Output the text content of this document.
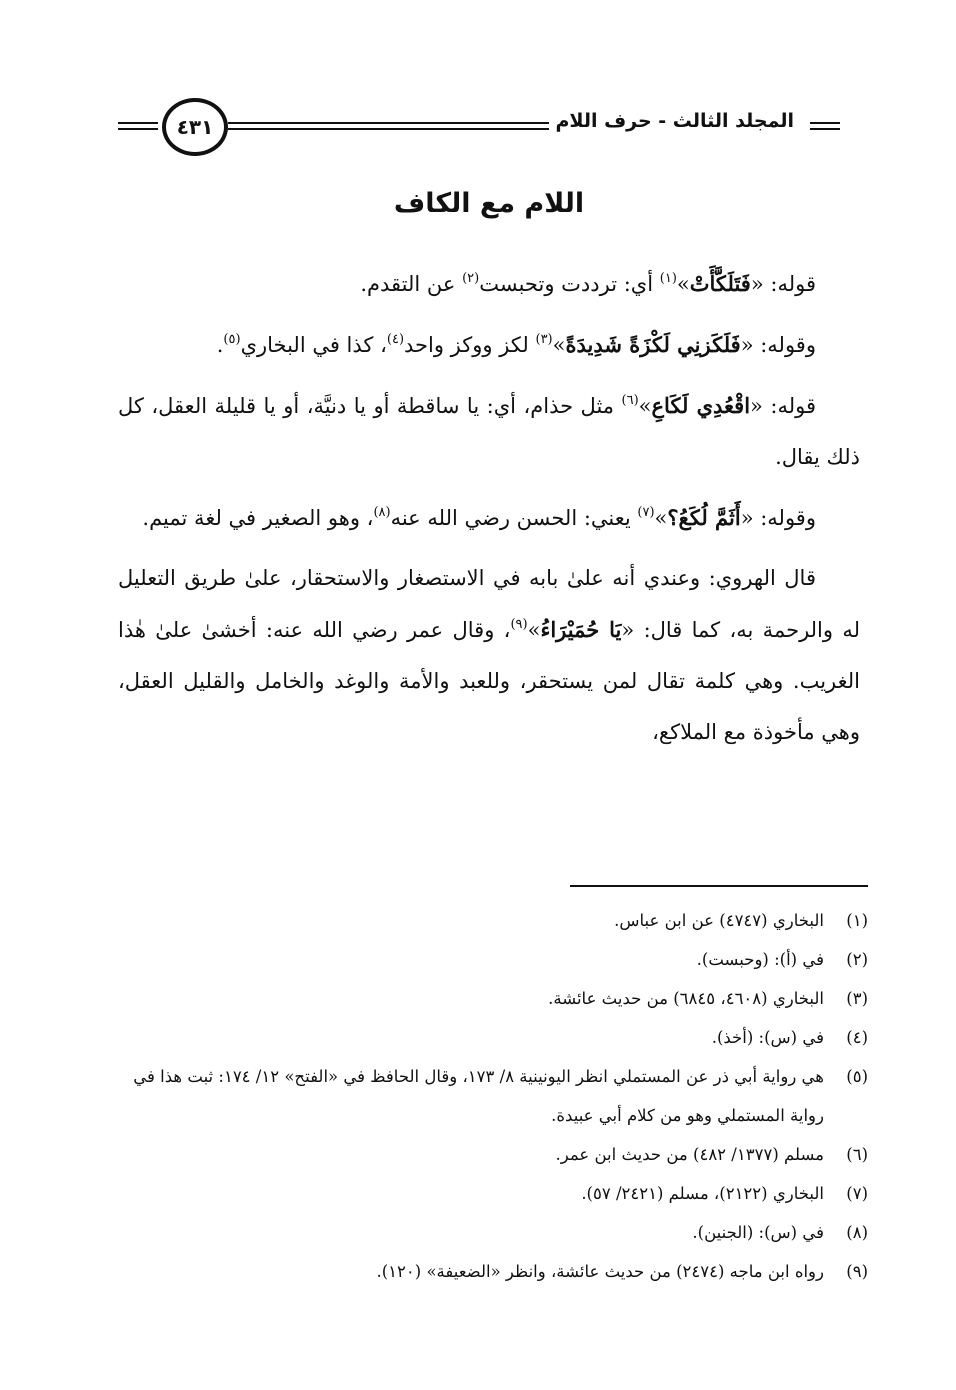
المجلد الثالث - حرف اللام
٤٣١
اللام مع الكاف

قوله: «فَتَلَكَّأَتْ»$^{(١)}$ أي: ترددت وتحبست$^{(٢)}$ عن التقدم.

وقوله: «فَلَكَزنِي لَكْزَةً شَدِيدَةً»$^{(٣)}$ لكز ووكز واحد$^{(٤)}$، كذا في البخاري$^{(٥)}$.

قوله: «اقْعُدِي لَكَاعِ»$^{(٦)}$ مثل حذام، أي: يا ساقطة أو يا دنيَّة، أو يا قليلة العقل، كل ذلك يقال.

وقوله: «أَثَمَّ لُكَعُ؟»$^{(٧)}$ يعني: الحسن رضي الله عنه$^{(٨)}$، وهو الصغير في لغة تميم.

قال الهروي: وعندي أنه علىٰ بابه في الاستصغار والاستحقار، علىٰ طريق التعليل له والرحمة به، كما قال: «يَا حُمَيْرَاءُ»$^{(٩)}$، وقال عمر رضي الله عنه: أخشىٰ علىٰ هٰذا الغريب. وهي كلمة تقال لمن يستحقر، وللعبد والأمة والوغد والخامل والقليل العقل، وهي مأخوذة مع الملاكع،

(١)
البخاري (٤٧٤٧) عن ابن عباس.
(٢)
في (أ): (وحبست).
(٣)
البخاري (٤٦٠٨، ٦٨٤٥) من حديث عائشة.
(٤)
في (س): (أخذ).
(٥)
هي رواية أبي ذر عن المستملي انظر اليونينية ٨/ ١٧٣، وقال الحافظ في «الفتح» ١٢/ ١٧٤: ثبت هذا في رواية المستملي وهو من كلام أبي عبيدة.
(٦)
مسلم (١٣٧٧/ ٤٨٢) من حديث ابن عمر.
(٧)
البخاري (٢١٢٢)، مسلم (٢٤٢١/ ٥٧).
(٨)
في (س): (الجنين).
(٩)
رواه ابن ماجه (٢٤٧٤) من حديث عائشة، وانظر «الضعيفة» (١٢٠).
